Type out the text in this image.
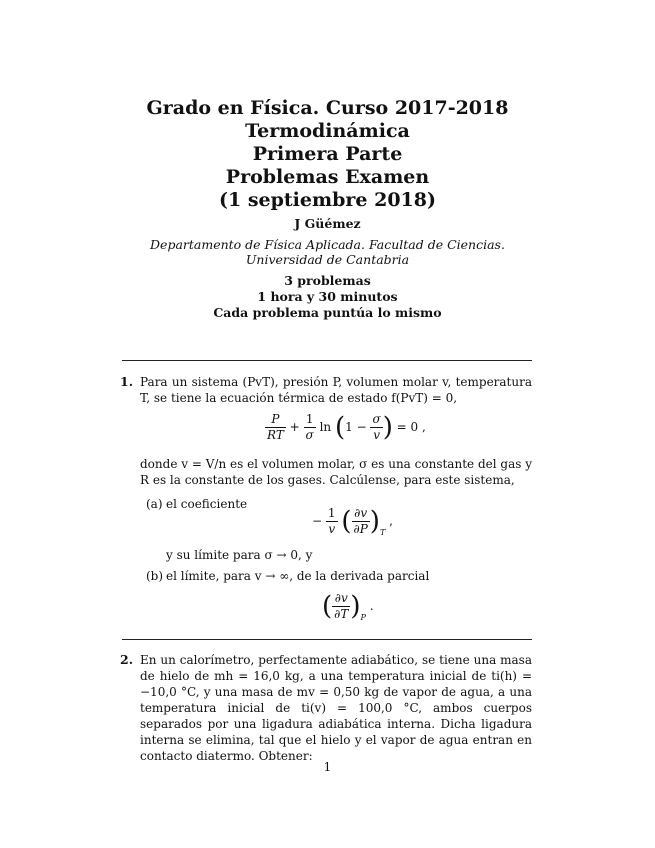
Grado en Física. Curso 2017-2018
Termodinámica
Primera Parte
Problemas Examen
(1 septiembre 2018)
J Güémez
Departamento de Física Aplicada. Facultad de Ciencias.
Universidad de Cantabria
3 problemas
1 hora y 30 minutos
Cada problema puntúa lo mismo
1. Para un sistema (PvT), presión P, volumen molar v, temperatura T, se tiene la ecuación térmica de estado f(PvT) = 0,
$\frac{P}{RT} + \frac{1}{\sigma}$ $\ln (1 - \frac{\sigma}{v}$ ) = 0 ,
donde v = V/n es el volumen molar, σ es una constante del gas y R es la constante de los gases. Calcúlense, para este sistema,
(a) el coeficiente
− $\frac{1}{v}$ ( $\frac{\partial v}{\partial P} )_T$ ,
y su límite para σ → 0, y
(b) el límite, para v → ∞, de la derivada parcial
( $\frac{\partial v}{\partial T} )_P$ .
2. En un calorímetro, perfectamente adiabático, se tiene una masa de hielo de mh = 16,0 kg, a una temperatura inicial de ti(h) = −10,0 °C, y una masa de mv = 0,50 kg de vapor de agua, a una temperatura inicial de ti(v) = 100,0 °C, ambos cuerpos separados por una ligadura adiabática interna. Dicha ligadura interna se elimina, tal que el hielo y el vapor de agua entran en contacto diatermo. Obtener:
1
